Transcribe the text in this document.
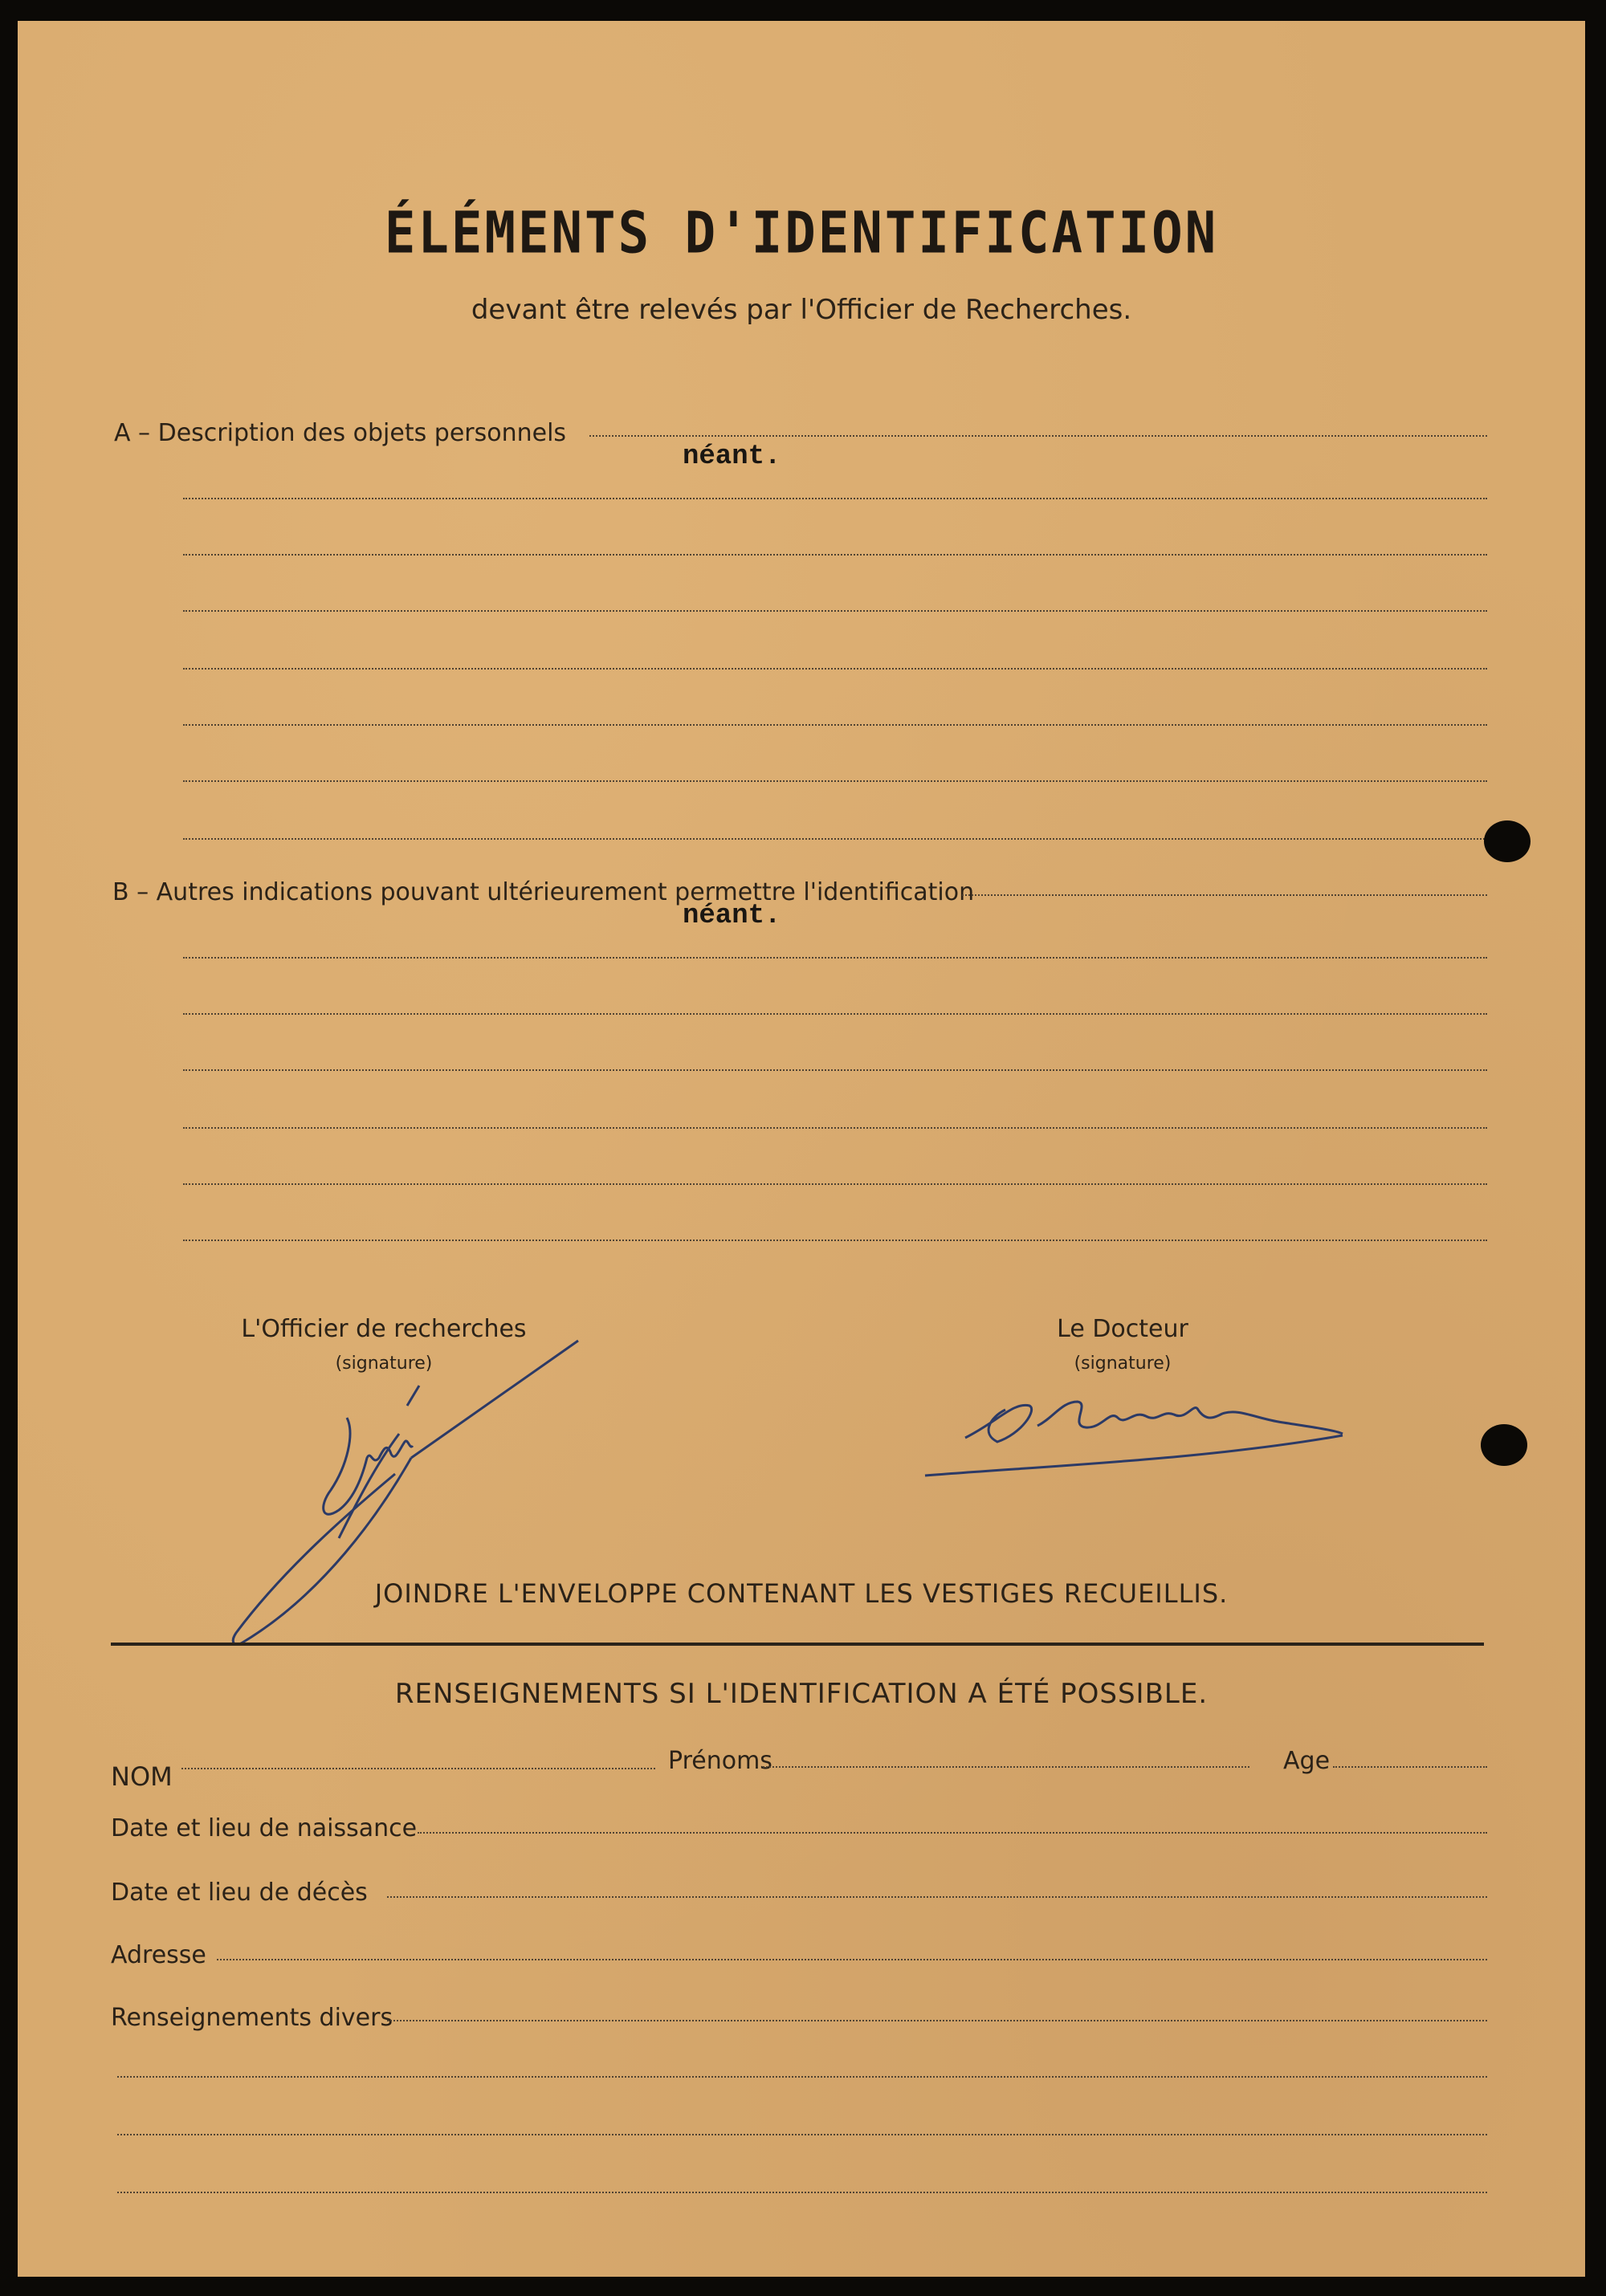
ÉLÉMENTS D'IDENTIFICATION
devant être relevés par l'Officier de Recherches.
A – Description des objets personnels
néant.
B – Autres indications pouvant ultérieurement permettre l'identification
néant.
L'Officier de recherches
(signature)
Le Docteur
(signature)
JOINDRE L'ENVELOPPE CONTENANT LES VESTIGES RECUEILLIS.
RENSEIGNEMENTS SI L'IDENTIFICATION A ÉTÉ POSSIBLE.
NOM
Prénoms	Age
Date et lieu de naissance
Date et lieu de décès
Adresse
Renseignements divers
